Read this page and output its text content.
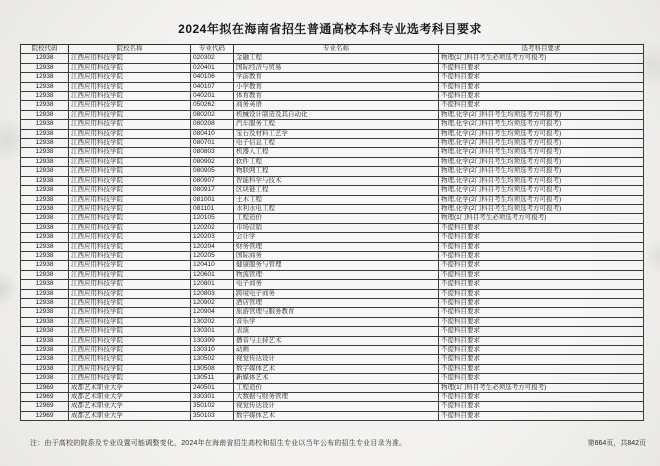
2024年拟在海南省招生普通高校本科专业选考科目要求
院校代码	院校名称	专业代码	专业名称	选考科目要求
12938	江西应用科技学院	020302	金融工程	物理(1门科目考生必须选考方可报考)
12938	江西应用科技学院	020401	国际经济与贸易	不提科目要求
12938	江西应用科技学院	040106	学前教育	不提科目要求
12938	江西应用科技学院	040107	小学教育	不提科目要求
12938	江西应用科技学院	040201	体育教育	不提科目要求
12938	江西应用科技学院	050262	商务英语	不提科目要求
12938	江西应用科技学院	080202	机械设计制造及其自动化	物理,化学(2门科目考生均须选考方可报考)
12938	江西应用科技学院	080208	汽车服务工程	物理,化学(2门科目考生均须选考方可报考)
12938	江西应用科技学院	080410	宝石及材料工艺学	物理,化学(2门科目考生均须选考方可报考)
12938	江西应用科技学院	080701	电子信息工程	物理,化学(2门科目考生均须选考方可报考)
12938	江西应用科技学院	080803	机器人工程	物理,化学(2门科目考生均须选考方可报考)
12938	江西应用科技学院	080902	软件工程	物理,化学(2门科目考生均须选考方可报考)
12938	江西应用科技学院	080905	物联网工程	物理,化学(2门科目考生均须选考方可报考)
12938	江西应用科技学院	080907	智能科学与技术	物理,化学(2门科目考生均须选考方可报考)
12938	江西应用科技学院	080917	区块链工程	物理,化学(2门科目考生均须选考方可报考)
12938	江西应用科技学院	081001	土木工程	物理,化学(2门科目考生均须选考方可报考)
12938	江西应用科技学院	081101	水利水电工程	物理,化学(2门科目考生均须选考方可报考)
12938	江西应用科技学院	120105	工程造价	物理(1门科目考生必须选考方可报考)
12938	江西应用科技学院	120202	市场营销	不提科目要求
12938	江西应用科技学院	120203	会计学	不提科目要求
12938	江西应用科技学院	120204	财务管理	不提科目要求
12938	江西应用科技学院	120205	国际商务	不提科目要求
12938	江西应用科技学院	120410	健康服务与管理	不提科目要求
12938	江西应用科技学院	120601	物流管理	不提科目要求
12938	江西应用科技学院	120801	电子商务	不提科目要求
12938	江西应用科技学院	120803	跨境电子商务	不提科目要求
12938	江西应用科技学院	120902	酒店管理	不提科目要求
12938	江西应用科技学院	120904	旅游管理与服务教育	不提科目要求
12938	江西应用科技学院	130202	音乐学	不提科目要求
12938	江西应用科技学院	130301	表演	不提科目要求
12938	江西应用科技学院	130309	播音与主持艺术	不提科目要求
12938	江西应用科技学院	130310	动画	不提科目要求
12938	江西应用科技学院	130502	视觉传达设计	不提科目要求
12938	江西应用科技学院	130508	数字媒体艺术	不提科目要求
12938	江西应用科技学院	130511	新媒体艺术	不提科目要求
12969	成都艺术职业大学	240501	工程造价	物理(1门科目考生必须选考方可报考)
12969	成都艺术职业大学	330301	大数据与财务管理	不提科目要求
12969	成都艺术职业大学	350102	视觉传达设计	不提科目要求
12969	成都艺术职业大学	350103	数字媒体艺术	不提科目要求
注：由于高校的院系及专业设置可能调整变化，2024年在海南省招生高校和招生专业以当年公布的招生专业目录为准。	第664页，共842页
